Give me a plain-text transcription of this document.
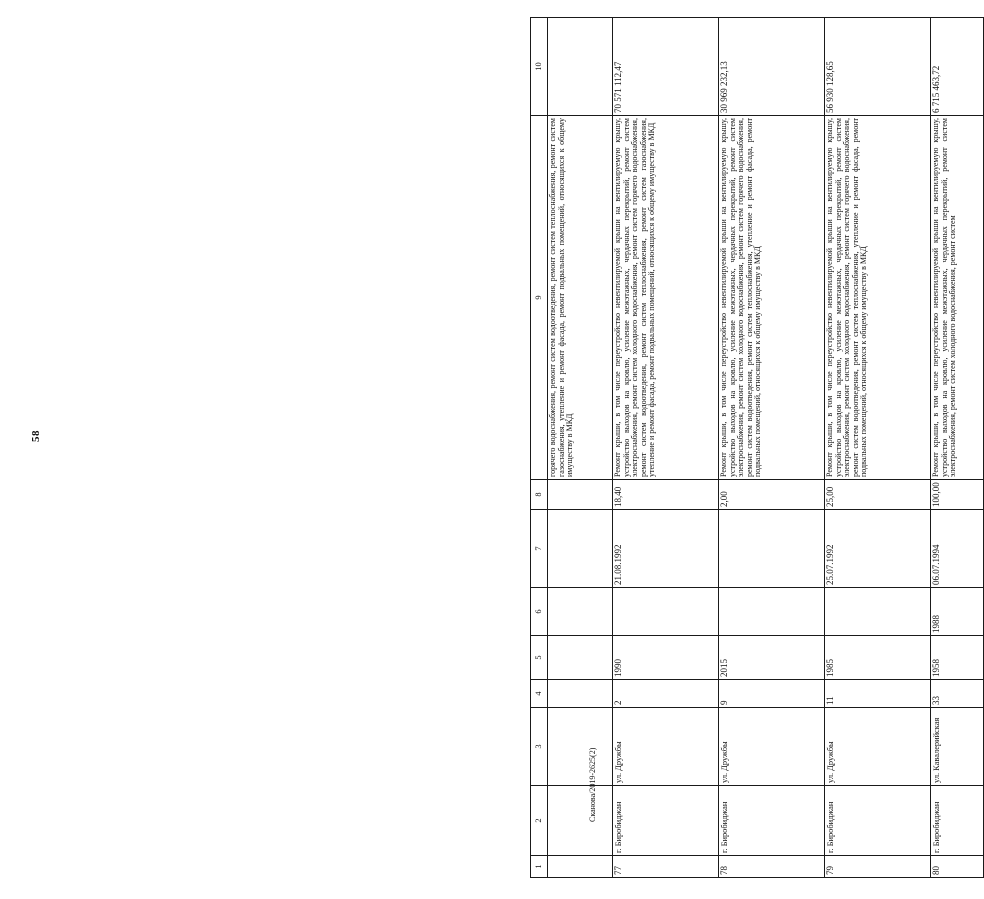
58
1	2	3	4	5	6	7	8	9	10
								горячего водоснабжения, ремонт систем водоотведения, ремонт систем теплоснабжения, ремонт систем газоснабжения, утепление и ремонт фасада, ремонт подвальных помещений, относящихся к общему имуществу в МКД	
77	г. Биробиджан	ул. Дружбы	2	1990		21.08.1992	18,40	Ремонт крыши, в том числе переустройство невентилируемой крыши на вентилируемую крышу, устройство выходов на кровлю, усиление межэтажных, чердачных перекрытий, ремонт систем электроснабжения, ремонт систем холодного водоснабжения, ремонт систем горячего водоснабжения, ремонт систем водоотведения, ремонт систем теплоснабжения, ремонт систем газоснабжения, утепление и ремонт фасада, ремонт подвальных помещений, относящихся к общему имуществу в МКД	70 571 112,47
78	г. Биробиджан	ул. Дружбы	9	2015			2,00	Ремонт крыши, в том числе переустройство невентилируемой крыши на вентилируемую крышу, устройство выходов на кровлю, усиление межэтажных, чердачных перекрытий, ремонт систем электроснабжения, ремонт систем холодного водоснабжения, ремонт систем горячего водоснабжения, ремонт систем водоотведения, ремонт систем теплоснабжения, утепление и ремонт фасада, ремонт подвальных помещений, относящихся к общему имуществу в МКД	30 969 232,13
79	г. Биробиджан	ул. Дружбы	11	1985		25.07.1992	25,00	Ремонт крыши, в том числе переустройство невентилируемой крыши на вентилируемую крышу, устройство выходов на кровлю, усиление межэтажных, чердачных перекрытий, ремонт систем электроснабжения, ремонт систем холодного водоснабжения, ремонт систем горячего водоснабжения, ремонт систем водоотведения, ремонт систем теплоснабжения, утепление и ремонт фасада, ремонт подвальных помещений, относящихся к общему имуществу в МКД	56 930 128,65
80	г. Биробиджан	ул. Кавалерийская	33	1958	1988	06.07.1994	100,00	Ремонт крыши, в том числе переустройство невентилируемой крыши на вентилируемую крышу, устройство выходов на кровлю, усиление межэтажных, чердачных перекрытий, ремонт систем электроснабжения, ремонт систем холодного водоснабжения, ремонт систем	6 715 463,72
Сканова/2019-2625(2)
